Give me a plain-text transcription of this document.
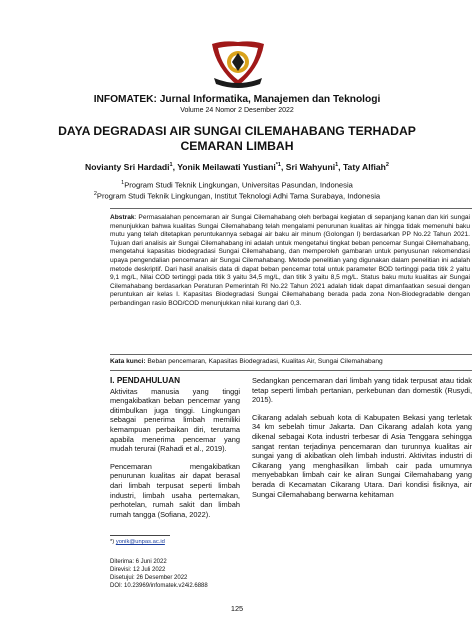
INFOMATEK: Jurnal Informatika, Manajemen dan Teknologi
Volume 24 Nomor 2 Desember 2022
DAYA DEGRADASI AIR SUNGAI CILEMAHABANG TERHADAP
CEMARAN LIMBAH
Novianty Sri Hardadi$^1$, Yonik Meilawati Yustiani$^{*1}$, Sri Wahyuni$^1$, Taty Alfiah$^2$
$^1$Program Studi Teknik Lingkungan, Universitas Pasundan, Indonesia
$^2$Program Studi Teknik Lingkungan, Institut Teknologi Adhi Tama Surabaya, Indonesia
Abstrak: Permasalahan pencemaran air Sungai Cilemahabang oleh berbagai kegiatan di sepanjang kanan dan kiri sungai menunjukkan bahwa kualitas Sungai Cilemahabang telah mengalami penurunan kualitas air hingga tidak memenuhi baku mutu yang telah ditetapkan peruntukannya sebagai air baku air minum (Golongan I) berdasarkan PP No.22 Tahun 2021. Tujuan dari analisis air Sungai Cilemahabang ini adalah untuk mengetahui tingkat beban pencemar Sungai Cilemahabang, mengetahui kapasitas biodegradasi Sungai Cilemahabang, dan memperoleh gambaran untuk penyusunan rekomendasi upaya pengendalian pencemaran air Sungai Cilemahabang. Metode penelitian yang digunakan dalam penelitian ini adalah metode deskriptif. Dari hasil analisis data di dapat beban pencemar total untuk parameter BOD tertinggi pada titik 2 yaitu 9,1 mg/L, Nilai COD tertinggi pada titik 3 yaitu 34,5 mg/L, dan titik 3 yaitu 8,5 mg/L. Status baku mutu kualitas air Sungai Cilemahabang berdasarkan Peraturan Pemerintah RI No.22 Tahun 2021 adalah tidak dapat dimanfaatkan sesuai dengan peruntukan air kelas I. Kapasitas Biodegradasi Sungai Cilemahabang berada pada zona Non-Biodegradable dengan perbandingan rasio BOD/COD menunjukkan nilai kurang dari 0,3.
Kata kunci: Beban pencemaran, Kapasitas Biodegradasi, Kualitas Air, Sungai Cilemahabang
I. PENDAHULUAN

Aktivitas manusia yang tinggi mengakibatkan beban pencemar yang ditimbulkan juga tinggi. Lingkungan sebagai penerima limbah memiliki kemampuan perbaikan diri, terutama apabila menerima pencemar yang mudah terurai (Rahadi et al., 2019).

Pencemaran mengakibatkan penurunan kualitas air dapat berasal dari limbah terpusat seperti limbah industri, limbah usaha perternakan, perhotelan, rumah sakit dan limbah rumah tangga (Sofiana, 2022).

Sedangkan pencemaran dari limbah yang tidak terpusat atau tidak tetap seperti limbah pertanian, perkebunan dan domestik (Rusydi, 2015).

Cikarang adalah sebuah kota di Kabupaten Bekasi yang terletak 34 km sebelah timur Jakarta. Dan Cikarang adalah kota yang dikenal sebagai Kota industri terbesar di Asia Tenggara sehingga sangat rentan terjadinya pencemaran dan turunnya kualitas air sungai yang di akibatkan oleh limbah industri. Aktivitas industri di Cikarang yang menghasilkan limbah cair pada umumnya menyebabkan limbah cair ke aliran Sungai Cilemahabang yang berada di Kecamatan Cikarang Utara. Dari kondisi fisiknya, air Sungai Cilemahabang berwarna kehitaman

*) yonik@unpas.ac.id
Diterima: 6 Juni 2022
Direvisi: 12 Juli 2022
Disetujui: 26 Desember 2022
DOI: 10.23969/infomatek.v24i2.6888
125
